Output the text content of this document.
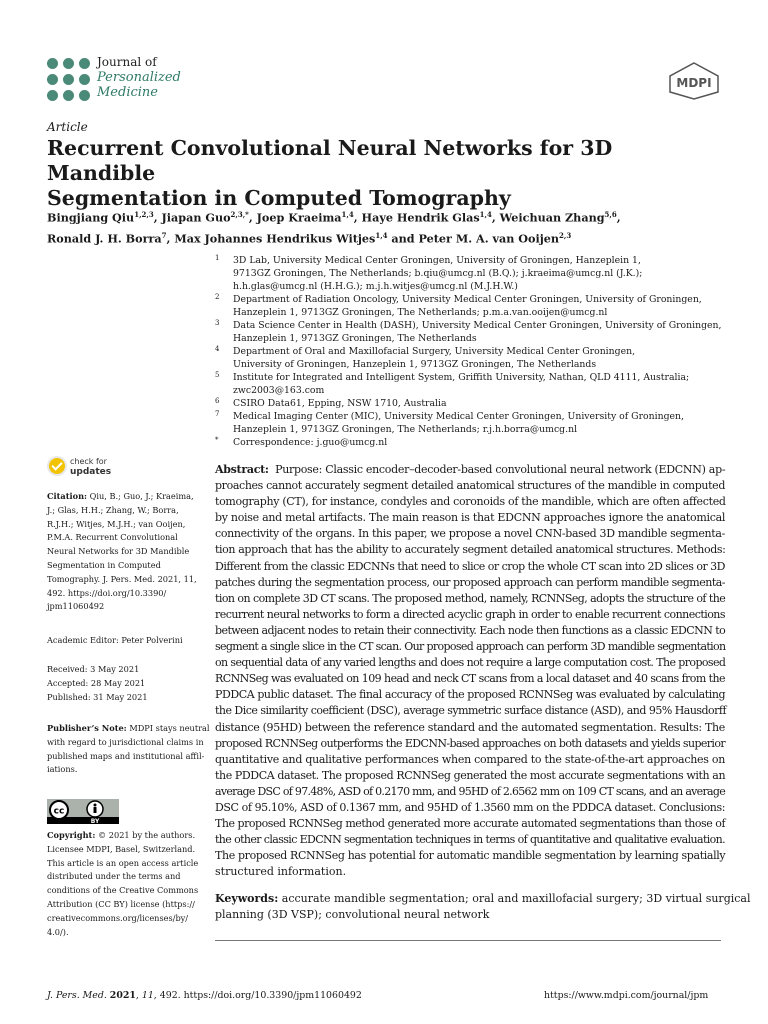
Journal of
Personalized
Medicine
MDPI
Article
Recurrent Convolutional Neural Networks for 3D Mandible
Segmentation in Computed Tomography
Bingjiang Qiu$^{1,2,3}$, Jiapan Guo$^{2,3,*}$, Joep Kraeima$^{1,4}$, Haye Hendrik Glas$^{1,4}$, Weichuan Zhang$^{5,6}$,
Ronald J. H. Borra$^7$, Max Johannes Hendrikus Witjes$^{1,4}$ and Peter M. A. van Ooijen$^{2,3}$
1 3D Lab, University Medical Center Groningen, University of Groningen, Hanzeplein 1,
9713GZ Groningen, The Netherlands; b.qiu@umcg.nl (B.Q.); j.kraeima@umcg.nl (J.K.);
h.h.glas@umcg.nl (H.H.G.); m.j.h.witjes@umcg.nl (M.J.H.W.)
2 Department of Radiation Oncology, University Medical Center Groningen, University of Groningen,
Hanzeplein 1, 9713GZ Groningen, The Netherlands; p.m.a.van.ooijen@umcg.nl
3 Data Science Center in Health (DASH), University Medical Center Groningen, University of Groningen,
Hanzeplein 1, 9713GZ Groningen, The Netherlands
4 Department of Oral and Maxillofacial Surgery, University Medical Center Groningen,
University of Groningen, Hanzeplein 1, 9713GZ Groningen, The Netherlands
5 Institute for Integrated and Intelligent System, Griffith University, Nathan, QLD 4111, Australia;
zwc2003@163.com
6 CSIRO Data61, Epping, NSW 1710, Australia
7 Medical Imaging Center (MIC), University Medical Center Groningen, University of Groningen,
Hanzeplein 1, 9713GZ Groningen, The Netherlands; r.j.h.borra@umcg.nl
* Correspondence: j.guo@umcg.nl
check for
updates
Citation: Qiu, B.; Guo, J.; Kraeima,
J.; Glas, H.H.; Zhang, W.; Borra,
R.J.H.; Witjes, M.J.H.; van Ooijen,
P.M.A. Recurrent Convolutional
Neural Networks for 3D Mandible
Segmentation in Computed
Tomography. J. Pers. Med. 2021, 11,
492. https://doi.org/10.3390/
jpm11060492
Academic Editor: Peter Polverini
Received: 3 May 2021
Accepted: 28 May 2021
Published: 31 May 2021
Publisher’s Note: MDPI stays neutral
with regard to jurisdictional claims in
published maps and institutional affil-
iations.
cc
BY
Copyright: © 2021 by the authors.
Licensee MDPI, Basel, Switzerland.
This article is an open access article
distributed under the terms and
conditions of the Creative Commons
Attribution (CC BY) license (https://
creativecommons.org/licenses/by/
4.0/).
Abstract: Purpose: Classic encoder–decoder-based convolutional neural network (EDCNN) ap-
proaches cannot accurately segment detailed anatomical structures of the mandible in computed
tomography (CT), for instance, condyles and coronoids of the mandible, which are often affected
by noise and metal artifacts. The main reason is that EDCNN approaches ignore the anatomical
connectivity of the organs. In this paper, we propose a novel CNN-based 3D mandible segmenta-
tion approach that has the ability to accurately segment detailed anatomical structures. Methods:
Different from the classic EDCNNs that need to slice or crop the whole CT scan into 2D slices or 3D
patches during the segmentation process, our proposed approach can perform mandible segmenta-
tion on complete 3D CT scans. The proposed method, namely, RCNNSeg, adopts the structure of the
recurrent neural networks to form a directed acyclic graph in order to enable recurrent connections
between adjacent nodes to retain their connectivity. Each node then functions as a classic EDCNN to
segment a single slice in the CT scan. Our proposed approach can perform 3D mandible segmentation
on sequential data of any varied lengths and does not require a large computation cost. The proposed
RCNNSeg was evaluated on 109 head and neck CT scans from a local dataset and 40 scans from the
PDDCA public dataset. The final accuracy of the proposed RCNNSeg was evaluated by calculating
the Dice similarity coefficient (DSC), average symmetric surface distance (ASD), and 95% Hausdorff
distance (95HD) between the reference standard and the automated segmentation. Results: The
proposed RCNNSeg outperforms the EDCNN-based approaches on both datasets and yields superior
quantitative and qualitative performances when compared to the state-of-the-art approaches on
the PDDCA dataset. The proposed RCNNSeg generated the most accurate segmentations with an
average DSC of 97.48%, ASD of 0.2170 mm, and 95HD of 2.6562 mm on 109 CT scans, and an average
DSC of 95.10%, ASD of 0.1367 mm, and 95HD of 1.3560 mm on the PDDCA dataset. Conclusions:
The proposed RCNNSeg method generated more accurate automated segmentations than those of
the other classic EDCNN segmentation techniques in terms of quantitative and qualitative evaluation.
The proposed RCNNSeg has potential for automatic mandible segmentation by learning spatially
structured information.
Keywords: accurate mandible segmentation; oral and maxillofacial surgery; 3D virtual surgical
planning (3D VSP); convolutional neural network
J. Pers. Med. 2021, 11, 492. https://doi.org/10.3390/jpm11060492	https://www.mdpi.com/journal/jpm
